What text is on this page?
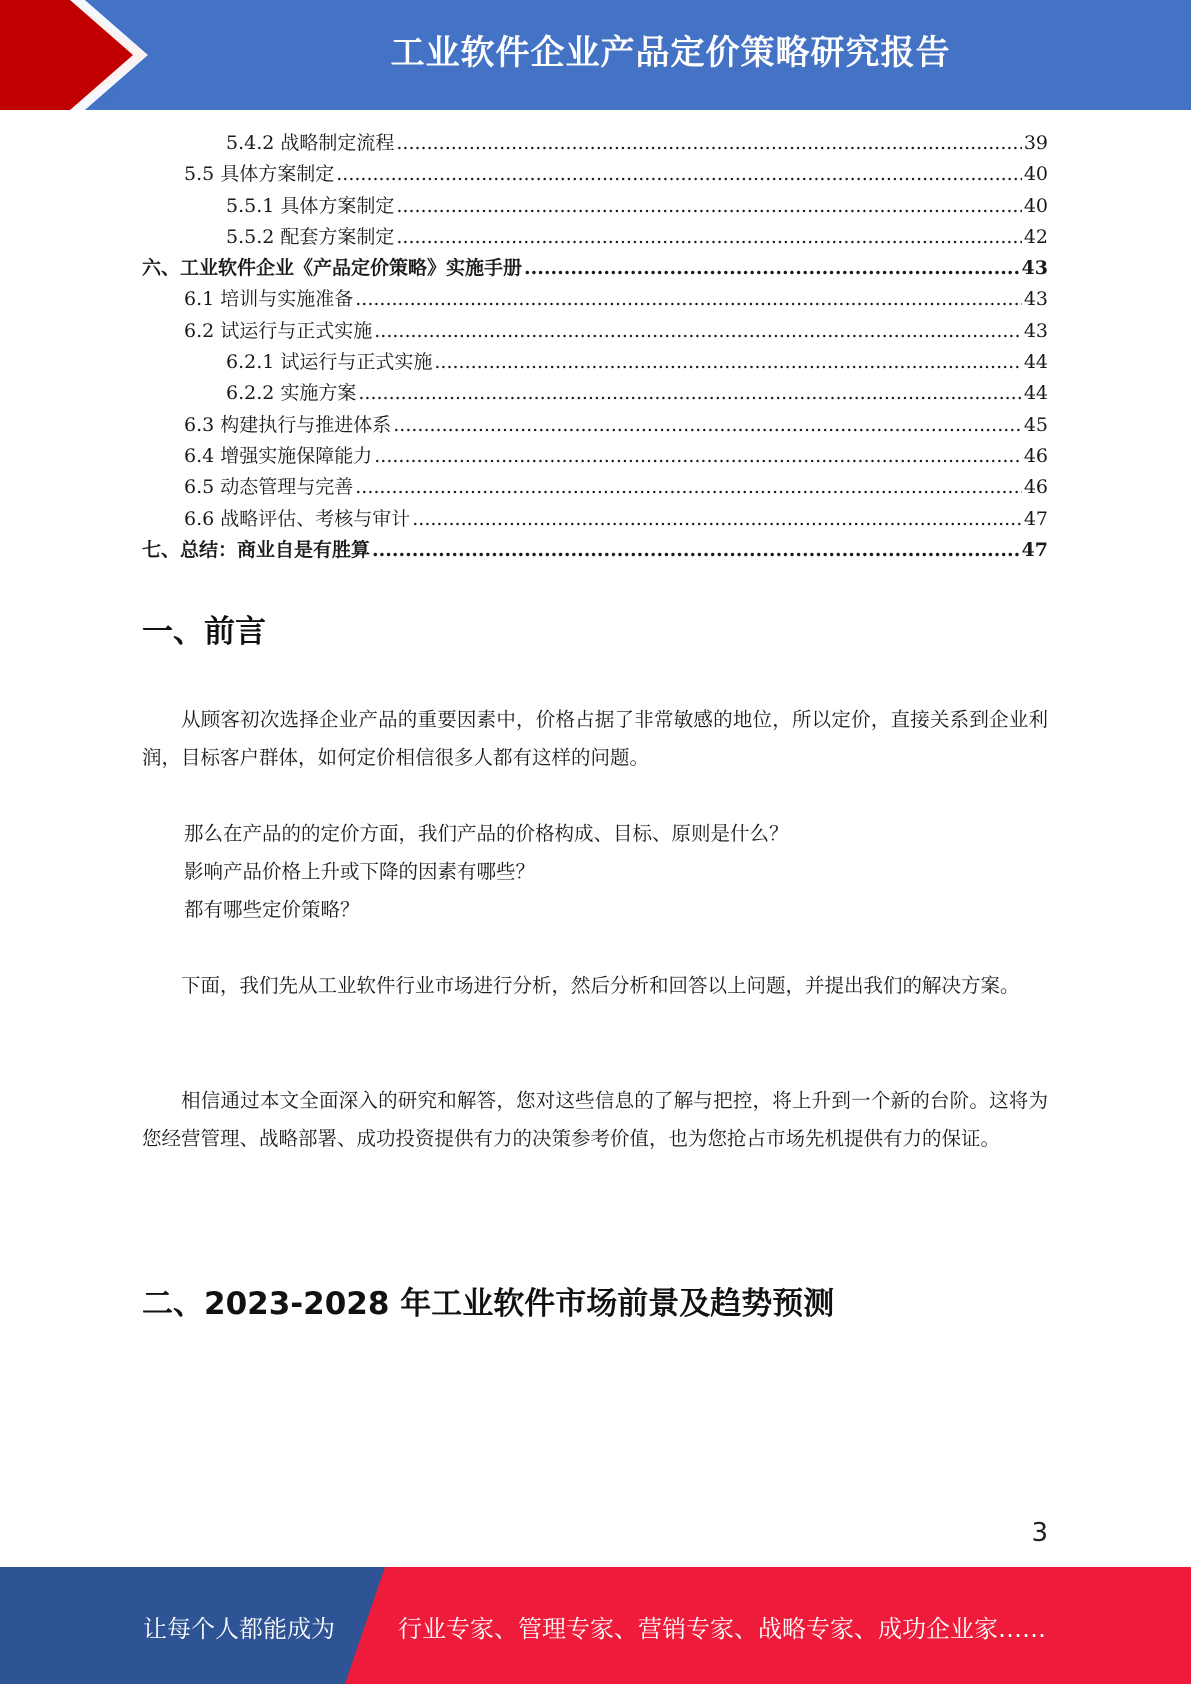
工业软件企业产品定价策略研究报告
5.4.2 战略制定流程 .....	39
5.5 具体方案制定 .....	40
5.5.1 具体方案制定 .....	40
5.5.2 配套方案制定 .....	42
六、工业软件企业《产品定价策略》实施手册 .....	43
6.1 培训与实施准备 .....	43
6.2 试运行与正式实施 .....	43
6.2.1 试运行与正式实施 .....	44
6.2.2 实施方案 .....	44
6.3 构建执行与推进体系 .....	45
6.4 增强实施保障能力 .....	46
6.5 动态管理与完善 .....	46
6.6 战略评估、考核与审计 .....	47
七、总结：商业自是有胜算 .....	47
一、前言
从顾客初次选择企业产品的重要因素中，价格占据了非常敏感的地位，所以定价，直接关系到企业利润，目标客户群体，如何定价相信很多人都有这样的问题。
那么在产品的的定价方面，我们产品的价格构成、目标、原则是什么？
影响产品价格上升或下降的因素有哪些？
都有哪些定价策略？
下面，我们先从工业软件行业市场进行分析，然后分析和回答以上问题，并提出我们的解决方案。
相信通过本文全面深入的研究和解答，您对这些信息的了解与把控，将上升到一个新的台阶。这将为您经营管理、战略部署、成功投资提供有力的决策参考价值，也为您抢占市场先机提供有力的保证。
二、2023-2028 年工业软件市场前景及趋势预测
3
让每个人都能成为	行业专家、管理专家、营销专家、战略专家、成功企业家……
